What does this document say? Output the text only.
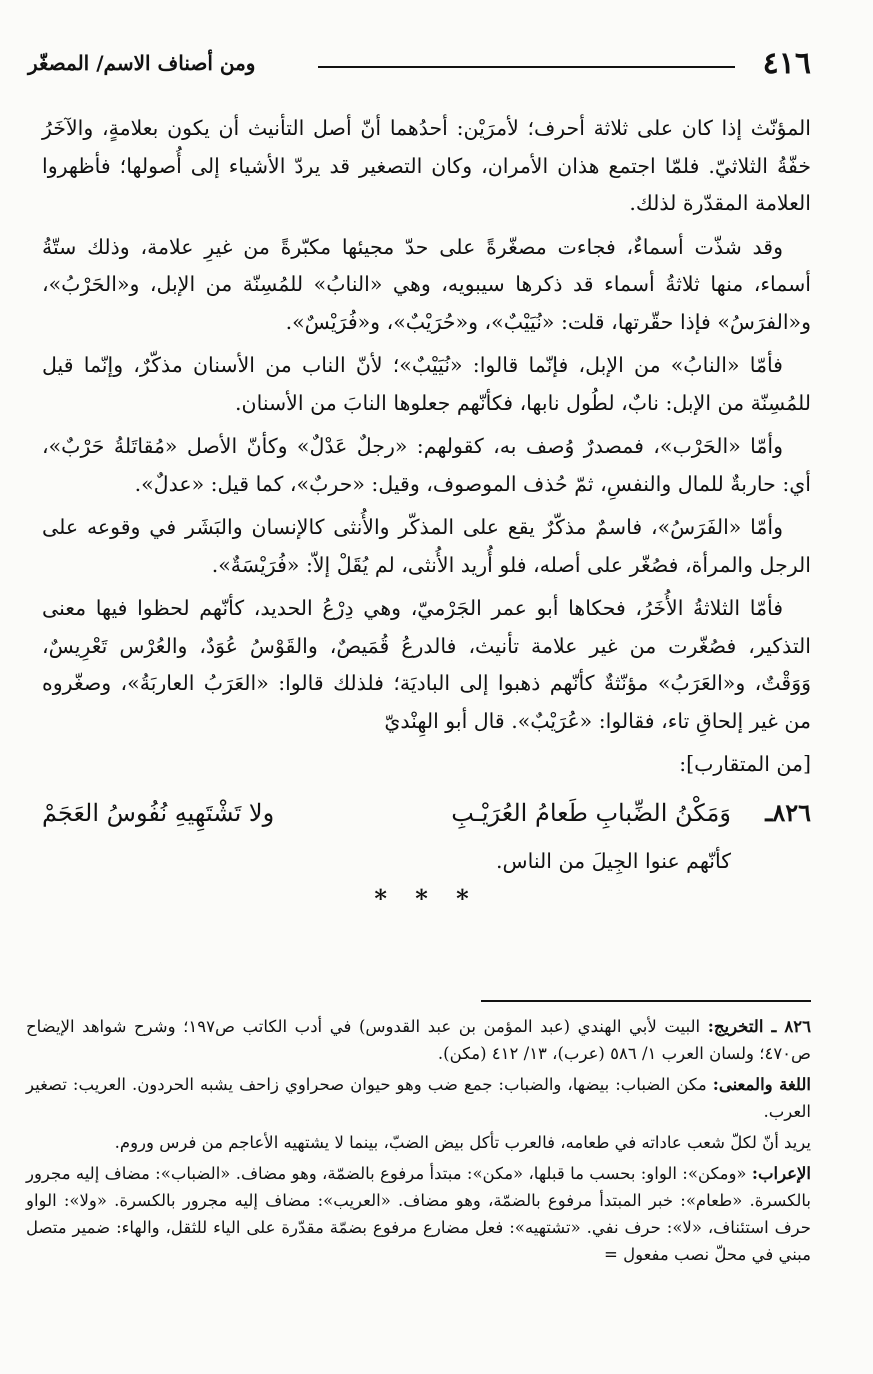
٤١٦
ومن أصناف الاسم/ المصغّر

المؤنّث إذا كان على ثلاثة أحرف؛ لأمرَيْن: أحدُهما أنّ أصل التأنيث أن يكون بعلامةٍ، والآخَرُ خفّةُ الثلاثيّ. فلمّا اجتمع هذان الأمران، وكان التصغير قد يردّ الأشياء إلى أُصولها؛ فأظهروا العلامة المقدّرة لذلك.

وقد شذّت أسماءٌ، فجاءت مصغّرةً على حدّ مجيئها مكبّرةً من غيرِ علامة، وذلك ستّةُ أسماء، منها ثلاثةُ أسماء قد ذكرها سيبويه، وهي «النابُ» للمُسِنّة من الإبل، و«الحَرْبُ»، و«الفرَسُ» فإذا حقّرتها، قلت: «نُيَيْبٌ»، و«حُرَيْبٌ»، و«فُرَيْسٌ».

فأمّا «النابُ» من الإبل، فإنّما قالوا: «نُيَيْبٌ»؛ لأنّ الناب من الأسنان مذكّرٌ، وإنّما قيل للمُسِنّة من الإبل: نابٌ، لطُول نابها، فكأنّهم جعلوها النابَ من الأسنان.

وأمّا «الحَرْب»، فمصدرٌ وُصف به، كقولهم: «رجلٌ عَدْلٌ» وكأنّ الأصل «مُقاتَلةُ حَرْبٌ»، أي: حاربةٌ للمال والنفسِ، ثمّ حُذف الموصوف، وقيل: «حربٌ»، كما قيل: «عدلٌ».

وأمّا «الفَرَسُ»، فاسمٌ مذكّرٌ يقع على المذكّر والأُنثى كالإنسان والبَشَر في وقوعه على الرجل والمرأة، فصُغّر على أصله، فلو أُريد الأُنثى، لم يُقَلْ إلاّ: «فُرَيْسَةٌ».

فأمّا الثلاثةُ الأُخَرُ، فحكاها أبو عمر الجَرْميّ، وهي دِرْعُ الحديد، كأنّهم لحظوا فيها معنى التذكير، فصُغّرت من غير علامة تأنيث، فالدرعُ قُمَيصٌ، والقَوْسُ عُوَدٌ، والعُرْس تَعْرِيسٌ، وَوَقْتٌ، و«العَرَبُ» مؤنّثةٌ كأنّهم ذهبوا إلى الباديَة؛ فلذلك قالوا: «العَرَبُ العاربَةُ»، وصغّروه من غير إلحاقِ تاء، فقالوا: «عُرَيْبٌ». قال أبو الهِنْديّ

[من المتقارب]:
٨٢٦ـ
وَمَكْنُ الضِّبابِ طَعامُ العُرَيْـبِ
ولا تَشْتَهِيهِ نُفُوسُ العَجَمْ
كأنّهم عنوا الجِيلَ من الناس.
* * *

٨٢٦ ـ التخريج: البيت لأبي الهندي (عبد المؤمن بن عبد القدوس) في أدب الكاتب ص١٩٧؛ وشرح شواهد الإيضاح ص٤٧٠؛ ولسان العرب ١/ ٥٨٦ (عرب)، ١٣/ ٤١٢ (مكن).

اللغة والمعنى: مكن الضباب: بيضها، والضباب: جمع ضب وهو حيوان صحراوي زاحف يشبه الحردون. العريب: تصغير العرب.

يريد أنّ لكلّ شعب عاداته في طعامه، فالعرب تأكل بيض الضبّ، بينما لا يشتهيه الأعاجم من فرس وروم.

الإعراب: «ومكن»: الواو: بحسب ما قبلها، «مكن»: مبتدأ مرفوع بالضمّة، وهو مضاف. «الضباب»: مضاف إليه مجرور بالكسرة. «طعام»: خبر المبتدأ مرفوع بالضمّة، وهو مضاف. «العريب»: مضاف إليه مجرور بالكسرة. «ولا»: الواو حرف استئناف، «لا»: حرف نفي. «تشتهيه»: فعل مضارع مرفوع بضمّة مقدّرة على الياء للثقل، والهاء: ضمير متصل مبني في محلّ نصب مفعول =
